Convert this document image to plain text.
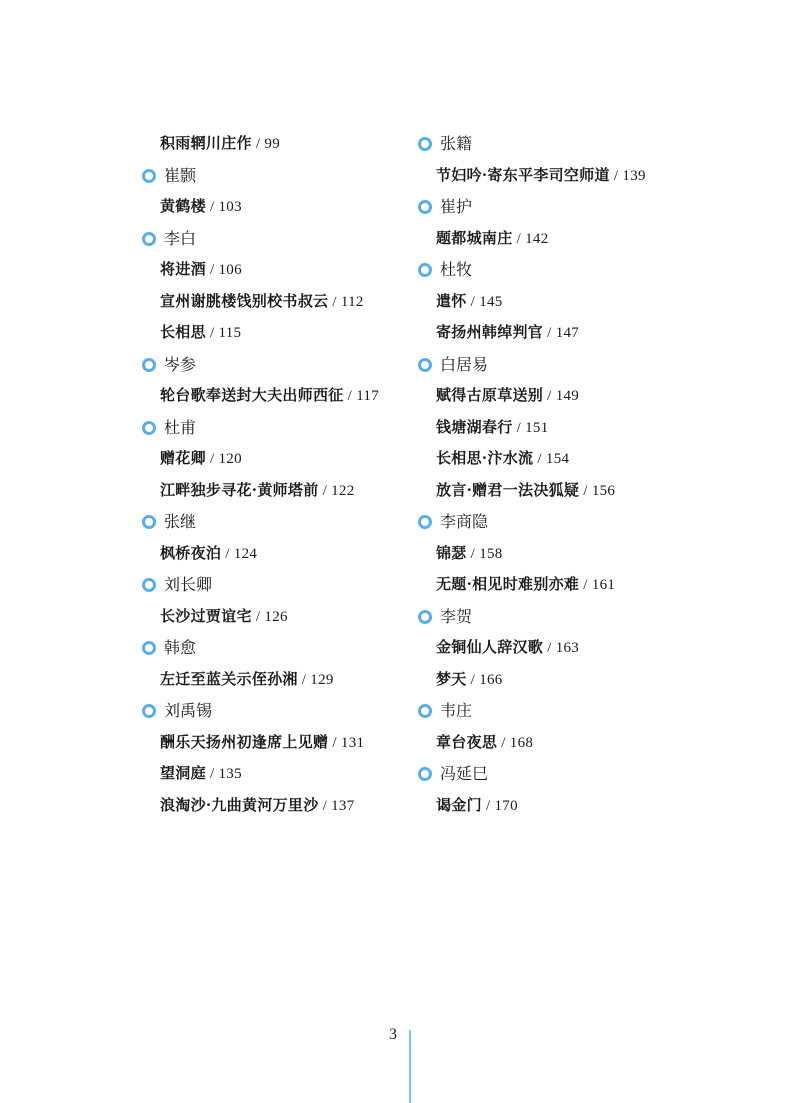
积雨辋川庄作 / 99
崔颢
黄鹤楼 / 103
李白
将进酒 / 106
宣州谢朓楼饯别校书叔云 / 112
长相思 / 115
岑参
轮台歌奉送封大夫出师西征 / 117
杜甫
赠花卿 / 120
江畔独步寻花·黄师塔前 / 122
张继
枫桥夜泊 / 124
刘长卿
长沙过贾谊宅 / 126
韩愈
左迁至蓝关示侄孙湘 / 129
刘禹锡
酬乐天扬州初逢席上见赠 / 131
望洞庭 / 135
浪淘沙·九曲黄河万里沙 / 137
张籍
节妇吟·寄东平李司空师道 / 139
崔护
题都城南庄 / 142
杜牧
遣怀 / 145
寄扬州韩绰判官 / 147
白居易
赋得古原草送别 / 149
钱塘湖春行 / 151
长相思·汴水流 / 154
放言·赠君一法决狐疑 / 156
李商隐
锦瑟 / 158
无题·相见时难别亦难 / 161
李贺
金铜仙人辞汉歌 / 163
梦天 / 166
韦庄
章台夜思 / 168
冯延巳
谒金门 / 170
3
